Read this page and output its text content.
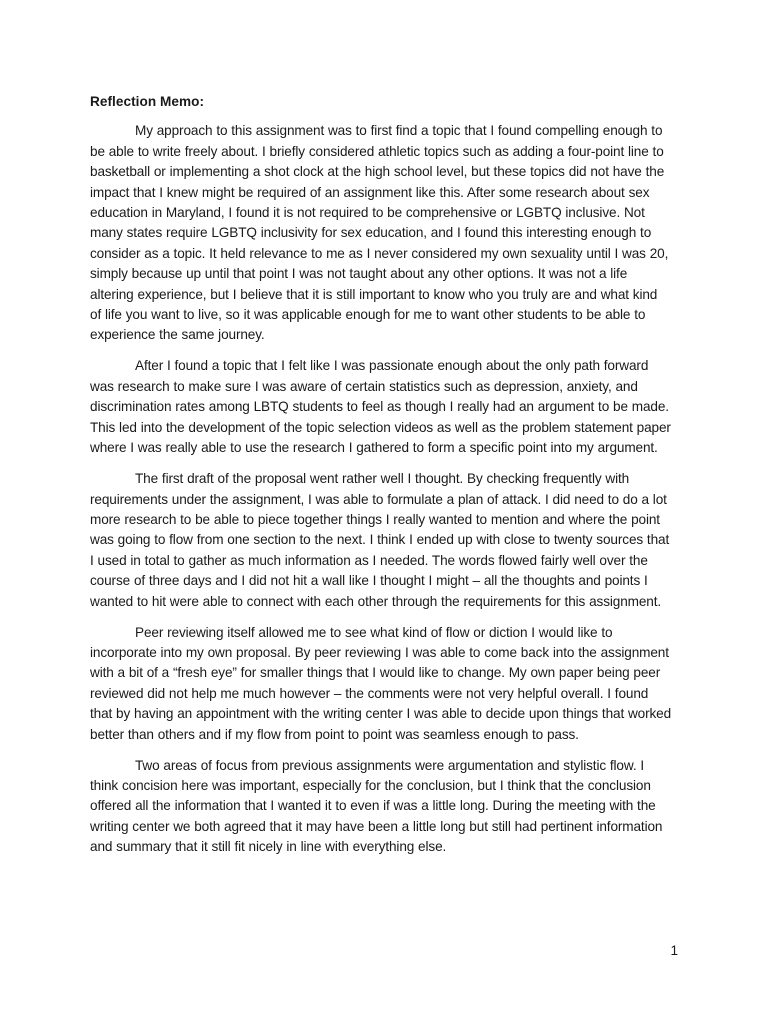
Reflection Memo:

My approach to this assignment was to first find a topic that I found compelling enough to be able to write freely about. I briefly considered athletic topics such as adding a four-point line to basketball or implementing a shot clock at the high school level, but these topics did not have the impact that I knew might be required of an assignment like this. After some research about sex education in Maryland, I found it is not required to be comprehensive or LGBTQ inclusive. Not many states require LGBTQ inclusivity for sex education, and I found this interesting enough to consider as a topic. It held relevance to me as I never considered my own sexuality until I was 20, simply because up until that point I was not taught about any other options. It was not a life altering experience, but I believe that it is still important to know who you truly are and what kind of life you want to live, so it was applicable enough for me to want other students to be able to experience the same journey.

After I found a topic that I felt like I was passionate enough about the only path forward was research to make sure I was aware of certain statistics such as depression, anxiety, and discrimination rates among LBTQ students to feel as though I really had an argument to be made. This led into the development of the topic selection videos as well as the problem statement paper where I was really able to use the research I gathered to form a specific point into my argument.

The first draft of the proposal went rather well I thought. By checking frequently with requirements under the assignment, I was able to formulate a plan of attack. I did need to do a lot more research to be able to piece together things I really wanted to mention and where the point was going to flow from one section to the next. I think I ended up with close to twenty sources that I used in total to gather as much information as I needed. The words flowed fairly well over the course of three days and I did not hit a wall like I thought I might – all the thoughts and points I wanted to hit were able to connect with each other through the requirements for this assignment.

Peer reviewing itself allowed me to see what kind of flow or diction I would like to incorporate into my own proposal. By peer reviewing I was able to come back into the assignment with a bit of a “fresh eye” for smaller things that I would like to change. My own paper being peer reviewed did not help me much however – the comments were not very helpful overall. I found that by having an appointment with the writing center I was able to decide upon things that worked better than others and if my flow from point to point was seamless enough to pass.

Two areas of focus from previous assignments were argumentation and stylistic flow. I think concision here was important, especially for the conclusion, but I think that the conclusion offered all the information that I wanted it to even if was a little long. During the meeting with the writing center we both agreed that it may have been a little long but still had pertinent information and summary that it still fit nicely in line with everything else.

1
